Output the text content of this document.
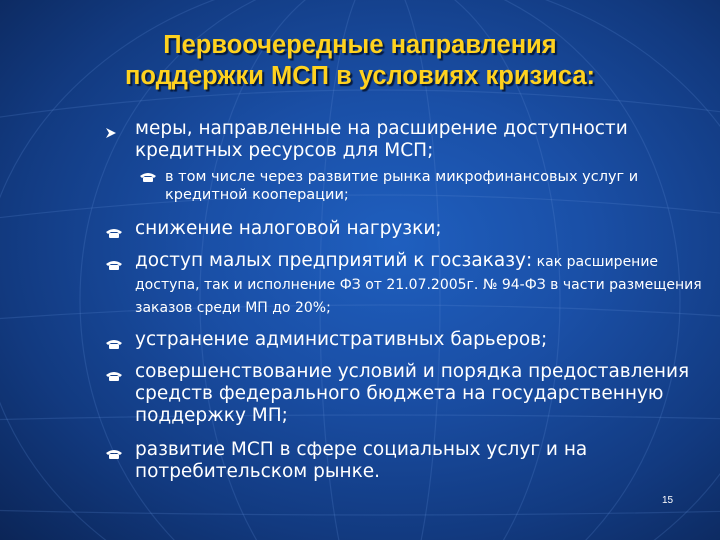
Первоочередные направления
поддержки МСП в условиях кризиса:
меры, направленные на расширение доступности кредитных ресурсов для МСП;
в том числе через развитие рынка микрофинансовых услуг и кредитной кооперации;
снижение налоговой нагрузки;
доступ малых предприятий к госзаказу: как расширение доступа, так и исполнение ФЗ от 21.07.2005г. № 94-ФЗ в части размещения заказов среди МП до 20%;
устранение административных барьеров;
совершенствование условий и порядка предоставления средств федерального бюджета на государственную поддержку МП;
развитие МСП в сфере социальных услуг и на потребительском рынке.
15
